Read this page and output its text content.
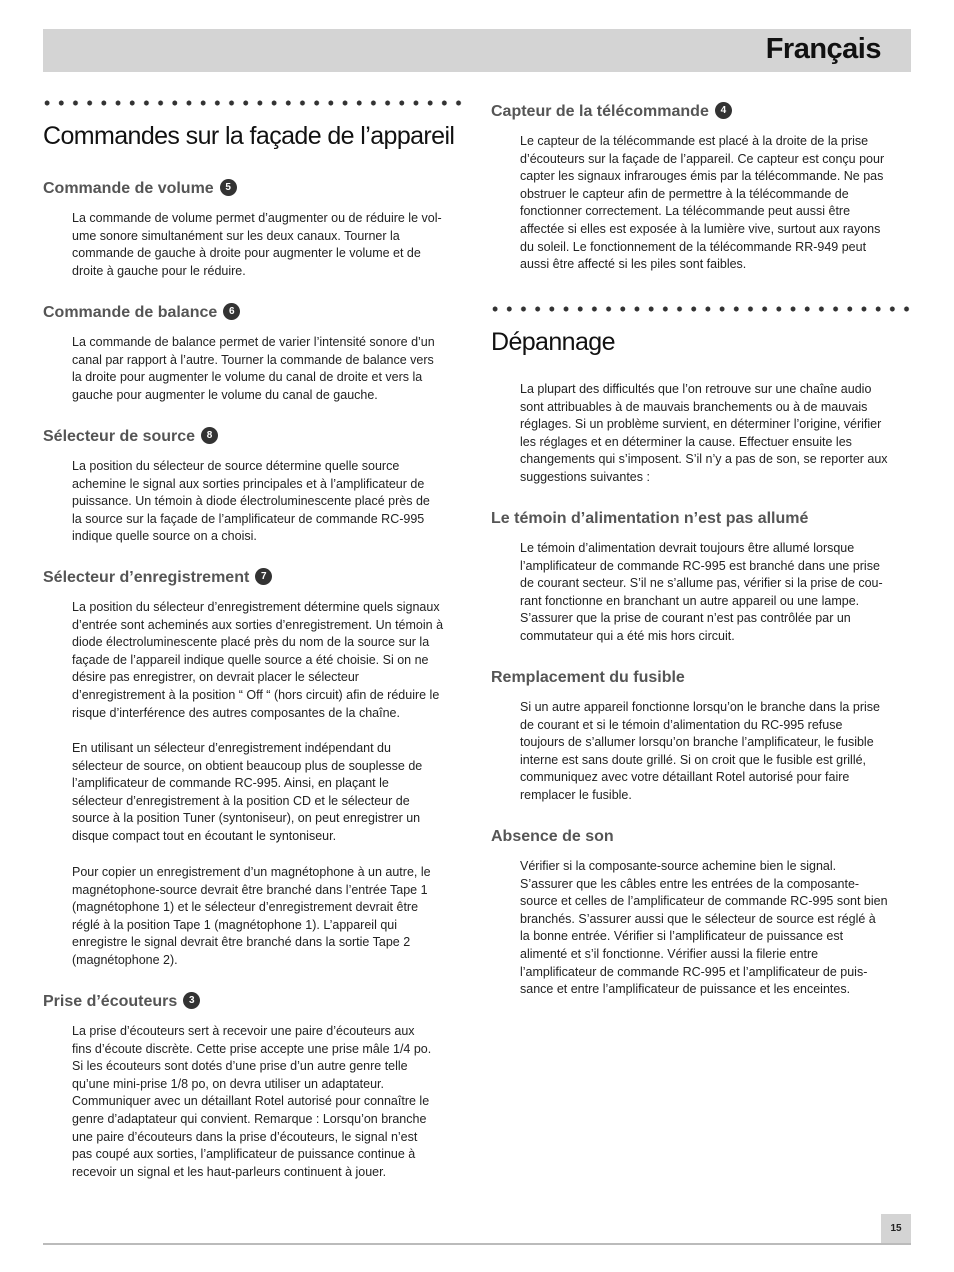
Français
Commandes sur la façade de l’appareil
Commande de volume 5
La commande de volume permet d’augmenter ou de réduire le vol-
ume sonore simultanément sur les deux canaux. Tourner la
commande de gauche à droite pour augmenter le volume et de
droite à gauche pour le réduire.
Commande de balance 6
La commande de balance permet de varier l’intensité sonore d’un
canal par rapport à l’autre. Tourner la commande de balance vers
la droite pour augmenter le volume du canal de droite et vers la
gauche pour augmenter le volume du canal de gauche.
Sélecteur de source 8
La position du sélecteur de source détermine quelle source
achemine le signal aux sorties principales et à l’amplificateur de
puissance. Un témoin à diode électroluminescente placé près de
la source sur la façade de l’amplificateur de commande RC-995
indique quelle source on a choisi.
Sélecteur d’enregistrement 7
La position du sélecteur d’enregistrement détermine quels signaux
d’entrée sont acheminés aux sorties d’enregistrement. Un témoin à
diode électroluminescente placé près du nom de la source sur la
façade de l’appareil indique quelle source a été choisie. Si on ne
désire pas enregistrer, on devrait placer le sélecteur
d’enregistrement à la position “ Off “ (hors circuit) afin de réduire le
risque d’interférence des autres composantes de la chaîne.
En utilisant un sélecteur d’enregistrement indépendant du
sélecteur de source, on obtient beaucoup plus de souplesse de
l’amplificateur de commande RC-995. Ainsi, en plaçant le
sélecteur d’enregistrement à la position CD et le sélecteur de
source à la position Tuner (syntoniseur), on peut enregistrer un
disque compact tout en écoutant le syntoniseur.
Pour copier un enregistrement d’un magnétophone à un autre, le
magnétophone-source devrait être branché dans l’entrée Tape 1
(magnétophone 1) et le sélecteur d’enregistrement devrait être
réglé à la position Tape 1 (magnétophone 1). L’appareil qui
enregistre le signal devrait être branché dans la sortie Tape 2
(magnétophone 2).
Prise d’écouteurs 3
La prise d’écouteurs sert à recevoir une paire d’écouteurs aux
fins d’écoute discrète. Cette prise accepte une prise mâle 1/4 po.
Si les écouteurs sont dotés d’une prise d’un autre genre telle
qu’une mini-prise 1/8 po, on devra utiliser un adaptateur.
Communiquer avec un détaillant Rotel autorisé pour connaître le
genre d’adaptateur qui convient. Remarque : Lorsqu’on branche
une paire d’écouteurs dans la prise d’écouteurs, le signal n’est
pas coupé aux sorties, l’amplificateur de puissance continue à
recevoir un signal et les haut-parleurs continuent à jouer.
Capteur de la télécommande 4
Le capteur de la télécommande est placé à la droite de la prise
d’écouteurs sur la façade de l’appareil. Ce capteur est conçu pour
capter les signaux infrarouges émis par la télécommande. Ne pas
obstruer le capteur afin de permettre à la télécommande de
fonctionner correctement. La télécommande peut aussi être
affectée si elles est exposée à la lumière vive, surtout aux rayons
du soleil. Le fonctionnement de la télécommande RR-949 peut
aussi être affecté si les piles sont faibles.
Dépannage
La plupart des difficultés que l’on retrouve sur une chaîne audio
sont attribuables à de mauvais branchements ou à de mauvais
réglages. Si un problème survient, en déterminer l’origine, vérifier
les réglages et en déterminer la cause. Effectuer ensuite les
changements qui s’imposent. S’il n’y a pas de son, se reporter aux
suggestions suivantes :
Le témoin d’alimentation n’est pas allumé
Le témoin d’alimentation devrait toujours être allumé lorsque
l’amplificateur de commande RC-995 est branché dans une prise
de courant secteur. S’il ne s’allume pas, vérifier si la prise de cou-
rant fonctionne en branchant un autre appareil ou une lampe.
S’assurer que la prise de courant n’est pas contrôlée par un
commutateur qui a été mis hors circuit.
Remplacement du fusible
Si un autre appareil fonctionne lorsqu’on le branche dans la prise
de courant et si le témoin d’alimentation du RC-995 refuse
toujours de s’allumer lorsqu’on branche l’amplificateur, le fusible
interne est sans doute grillé. Si on croit que le fusible est grillé,
communiquez avec votre détaillant Rotel autorisé pour faire
remplacer le fusible.
Absence de son
Vérifier si la composante-source achemine bien le signal.
S’assurer que les câbles entre les entrées de la composante-
source et celles de l’amplificateur de commande RC-995 sont bien
branchés. S’assurer aussi que le sélecteur de source est réglé à
la bonne entrée. Vérifier si l’amplificateur de puissance est
alimenté et s’il fonctionne. Vérifier aussi la filerie entre
l’amplificateur de commande RC-995 et l’amplificateur de puis-
sance et entre l’amplificateur de puissance et les enceintes.
15
